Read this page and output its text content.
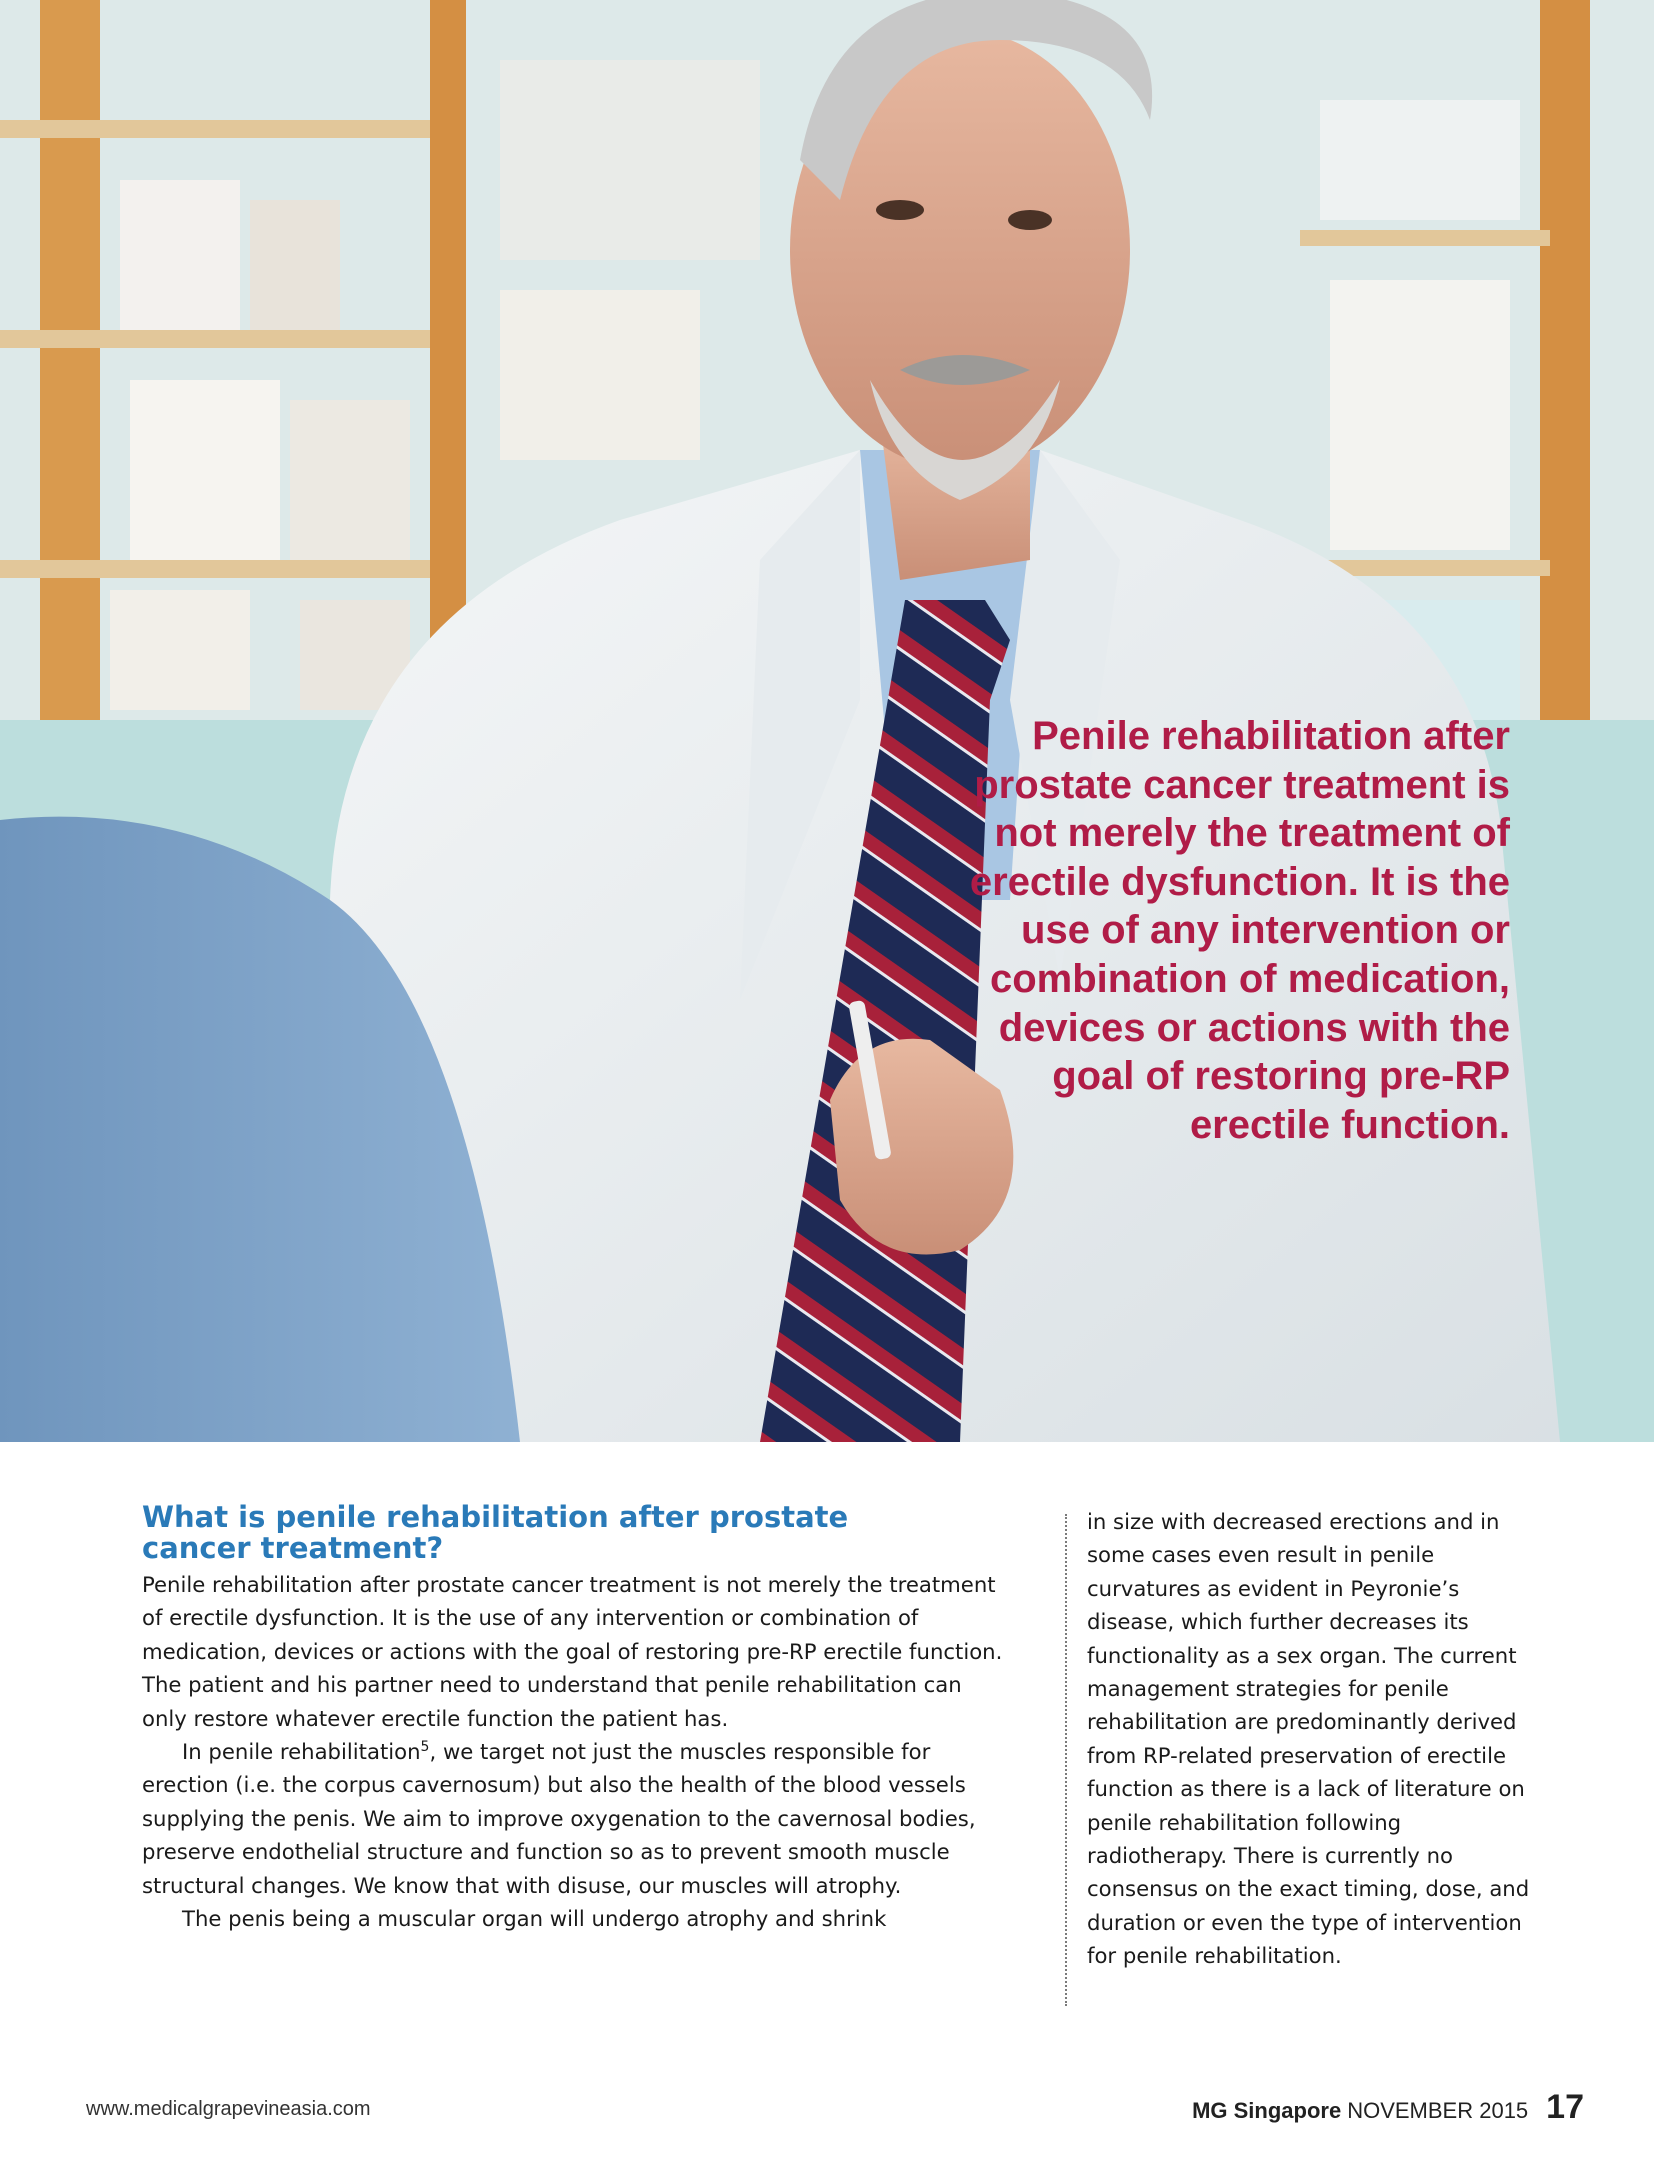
Penile rehabilitation after prostate cancer treatment is not merely the treatment of erectile dysfunction. It is the use of any intervention or combination of medication, devices or actions with the goal of restoring pre-RP erectile function.

What is penile rehabilitation after prostate cancer treatment?

Penile rehabilitation after prostate cancer treatment is not merely the treatment of erectile dysfunction. It is the use of any intervention or combination of medication, devices or actions with the goal of restoring pre-RP erectile function. The patient and his partner need to understand that penile rehabilitation can only restore whatever erectile function the patient has.

In penile rehabilitation$^5$, we target not just the muscles responsible for erection (i.e. the corpus cavernosum) but also the health of the blood vessels supplying the penis. We aim to improve oxygenation to the cavernosal bodies, preserve endothelial structure and function so as to prevent smooth muscle structural changes. We know that with disuse, our muscles will atrophy.

The penis being a muscular organ will undergo atrophy and shrink

in size with decreased erections and in some cases even result in penile curvatures as evident in Peyronie’s disease, which further decreases its functionality as a sex organ. The current management strategies for penile rehabilitation are predominantly derived from RP-related preservation of erectile function as there is a lack of literature on penile rehabilitation following radiotherapy. There is currently no consensus on the exact timing, dose, and duration or even the type of intervention for penile rehabilitation.

www.medicalgrapevineasia.com	MG Singapore NOVEMBER 2015 17
